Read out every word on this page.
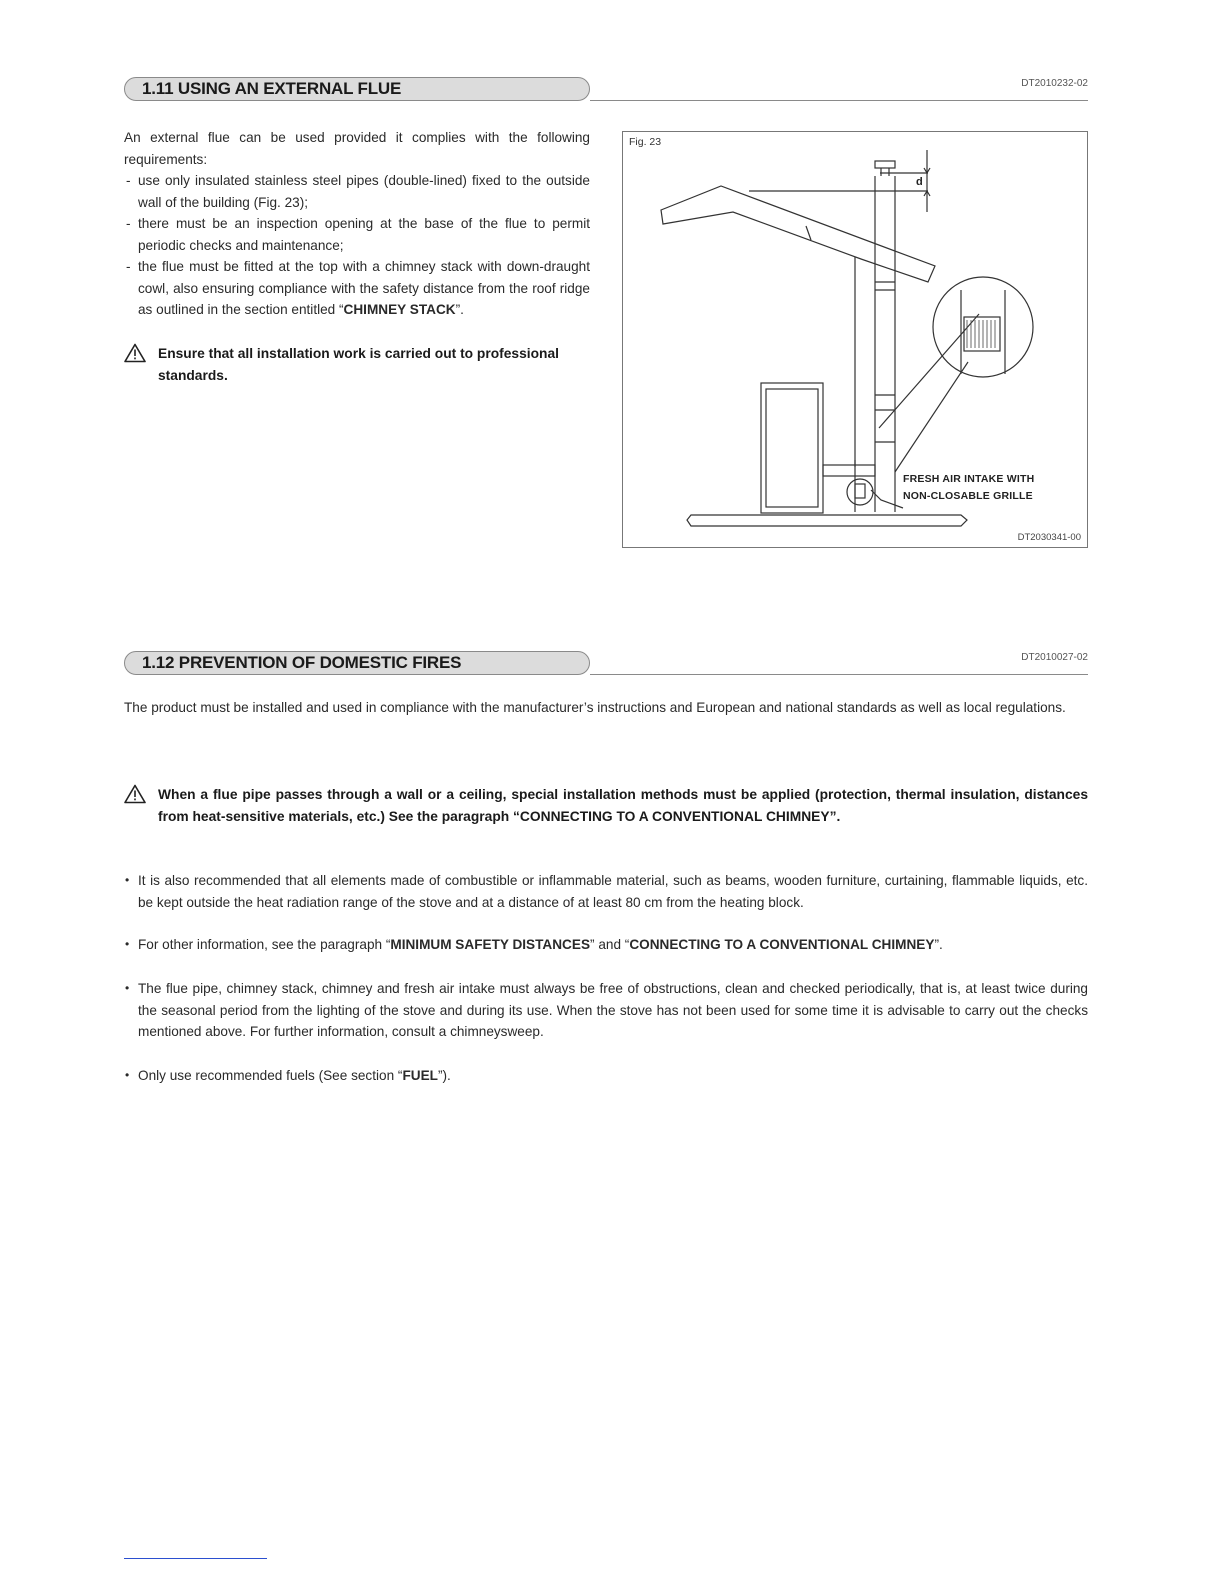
1.11 USING AN EXTERNAL FLUE	DT2010232-02
An external flue can be used provided it complies with the following requirements:
- use only insulated stainless steel pipes (double-lined) fixed to the outside wall of the building (Fig. 23);
- there must be an inspection opening at the base of the flue to permit periodic checks and maintenance;
- the flue must be fitted at the top with a chimney stack with down-draught cowl, also ensuring compliance with the safety distance from the roof ridge as outlined in the section entitled “CHIMNEY STACK”.
Ensure that all installation work is carried out to professional standards.
Fig. 23
d
FRESH AIR INTAKE WITH
NON-CLOSABLE GRILLE
DT2030341-00
1.12 PREVENTION OF DOMESTIC FIRES	DT2010027-02
The product must be installed and used in compliance with the manufacturer’s instructions and European and national standards as well as local regulations.
When a flue pipe passes through a wall or a ceiling, special installation methods must be applied (protection, thermal insulation, distances from heat-sensitive materials, etc.) See the paragraph “CONNECTING TO A CONVENTIONAL CHIMNEY”.
• It is also recommended that all elements made of combustible or inflammable material, such as beams, wooden furniture, curtaining, flammable liquids, etc. be kept outside the heat radiation range of the stove and at a distance of at least 80 cm from the heating block.
• For other information, see the paragraph “MINIMUM SAFETY DISTANCES” and “CONNECTING TO A CONVENTIONAL CHIMNEY”.
• The flue pipe, chimney stack, chimney and fresh air intake must always be free of obstructions, clean and checked periodically, that is, at least twice during the seasonal period from the lighting of the stove and during its use. When the stove has not been used for some time it is advisable to carry out the checks mentioned above. For further information, consult a chimneysweep.
• Only use recommended fuels (See section “FUEL”).
